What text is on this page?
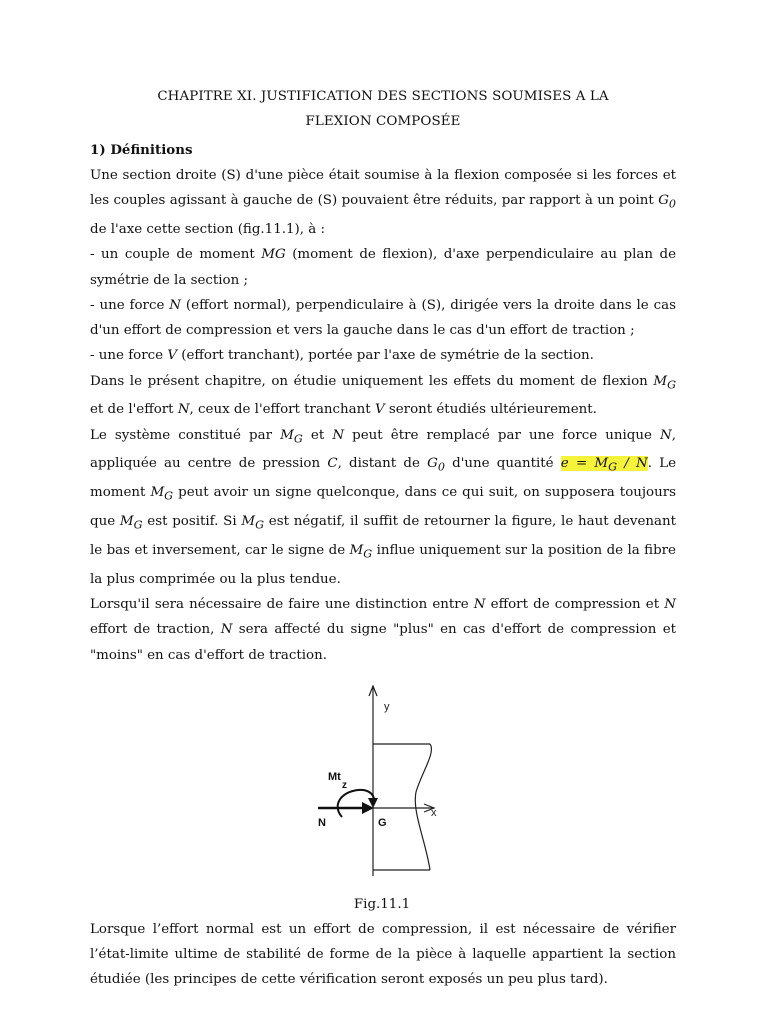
CHAPITRE XI. JUSTIFICATION DES SECTIONS SOUMISES A LA
FLEXION COMPOSÉE
1) Définitions

Une section droite (S) d'une pièce était soumise à la flexion composée si les forces et les couples agissant à gauche de (S) pouvaient être réduits, par rapport à un point $G_0$ de l'axe cette section (fig.11.1), à :

- un couple de moment MG (moment de flexion), d'axe perpendiculaire au plan de symétrie de la section ;

- une force N (effort normal), perpendiculaire à (S), dirigée vers la droite dans le cas d'un effort de compression et vers la gauche dans le cas d'un effort de traction ;

- une force V (effort tranchant), portée par l'axe de symétrie de la section.

Dans le présent chapitre, on étudie uniquement les effets du moment de flexion $M_G$ et de l'effort N, ceux de l'effort tranchant V seront étudiés ultérieurement.

Le système constitué par $M_G$ et N peut être remplacé par une force unique N, appliquée au centre de pression C, distant de $G_0$ d'une quantité $e = M_G / N$. Le moment $M_G$ peut avoir un signe quelconque, dans ce qui suit, on supposera toujours que $M_G$ est positif. Si $M_G$ est négatif, il suffit de retourner la figure, le haut devenant le bas et inversement, car le signe de $M_G$ influe uniquement sur la position de la fibre la plus comprimée ou la plus tendue.

Lorsqu'il sera nécessaire de faire une distinction entre N effort de compression et N effort de traction, N sera affecté du signe "plus" en cas d'effort de compression et "moins" en cas d'effort de traction.

y
x
Mt
z
N	G
Fig.11.1

Lorsque l’effort normal est un effort de compression, il est nécessaire de vérifier l’état-limite ultime de stabilité de forme de la pièce à laquelle appartient la section étudiée (les principes de cette vérification seront exposés un peu plus tard).
